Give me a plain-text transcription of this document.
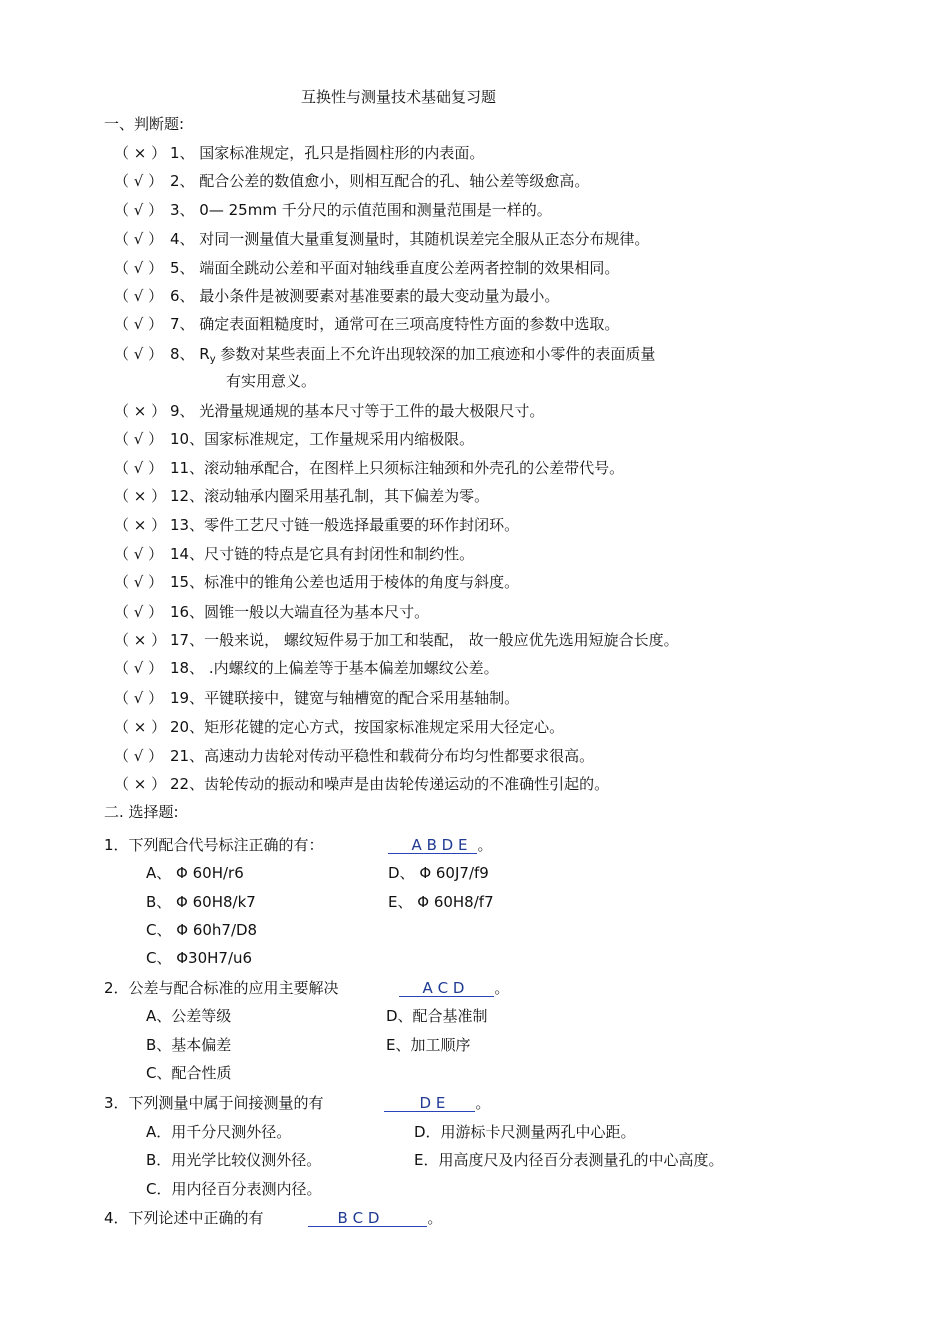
互换性与测量技术基础复习题
一、判断题:
（ × ） 1、 国家标准规定，孔只是指圆柱形的内表面。
（ √ ） 2、 配合公差的数值愈小，则相互配合的孔、轴公差等级愈高。
（ √ ） 3、 0— 25mm 千分尺的示值范围和测量范围是一样的。
（ √ ） 4、 对同一测量值大量重复测量时，其随机误差完全服从正态分布规律。
（ √ ） 5、 端面全跳动公差和平面对轴线垂直度公差两者控制的效果相同。
（ √ ） 6、 最小条件是被测要素对基准要素的最大变动量为最小。
（ √ ） 7、 确定表面粗糙度时，通常可在三项高度特性方面的参数中选取。
（ √ ） 8、 $R_y$ 参数对某些表面上不允许出现较深的加工痕迹和小零件的表面质量
有实用意义。
（ × ） 9、 光滑量规通规的基本尺寸等于工件的最大极限尺寸。
（ √ ） 10、国家标准规定，工作量规采用内缩极限。
（ √ ） 11、滚动轴承配合，在图样上只须标注轴颈和外壳孔的公差带代号。
（ × ） 12、滚动轴承内圈采用基孔制，其下偏差为零。
（ × ） 13、零件工艺尺寸链一般选择最重要的环作封闭环。
（ √ ） 14、尺寸链的特点是它具有封闭性和制约性。
（ √ ） 15、标准中的锥角公差也适用于棱体的角度与斜度。
（ √ ） 16、圆锥一般以大端直径为基本尺寸。
（ × ） 17、一般来说， 螺纹短件易于加工和装配， 故一般应优先选用短旋合长度。
（ √ ） 18、 .内螺纹的上偏差等于基本偏差加螺纹公差。
（ √ ） 19、平键联接中，键宽与轴槽宽的配合采用基轴制。
（ × ） 20、矩形花键的定心方式，按国家标准规定采用大径定心。
（ √ ） 21、高速动力齿轮对传动平稳性和载荷分布均匀性都要求很高。
（ × ） 22、齿轮传动的振动和噪声是由齿轮传递运动的不准确性引起的。
二. 选择题:
1．下列配合代号标注正确的有：	A B D E 。
A、 Φ 60H/r6	D、 Φ 60J7/f9
B、 Φ 60H8/k7	E、 Φ 60H8/f7
C、 Φ 60h7/D8
C、 Φ30H7/u6
2．公差与配合标准的应用主要解决	A C D 。
A、公差等级	D、配合基准制
B、基本偏差	E、加工顺序
C、配合性质
3．下列测量中属于间接测量的有	D E 。
A．用千分尺测外径。	D．用游标卡尺测量两孔中心距。
B．用光学比较仪测外径。	E．用高度尺及内径百分表测量孔的中心高度。
C．用内径百分表测内径。
4．下列论述中正确的有	B C D	。
